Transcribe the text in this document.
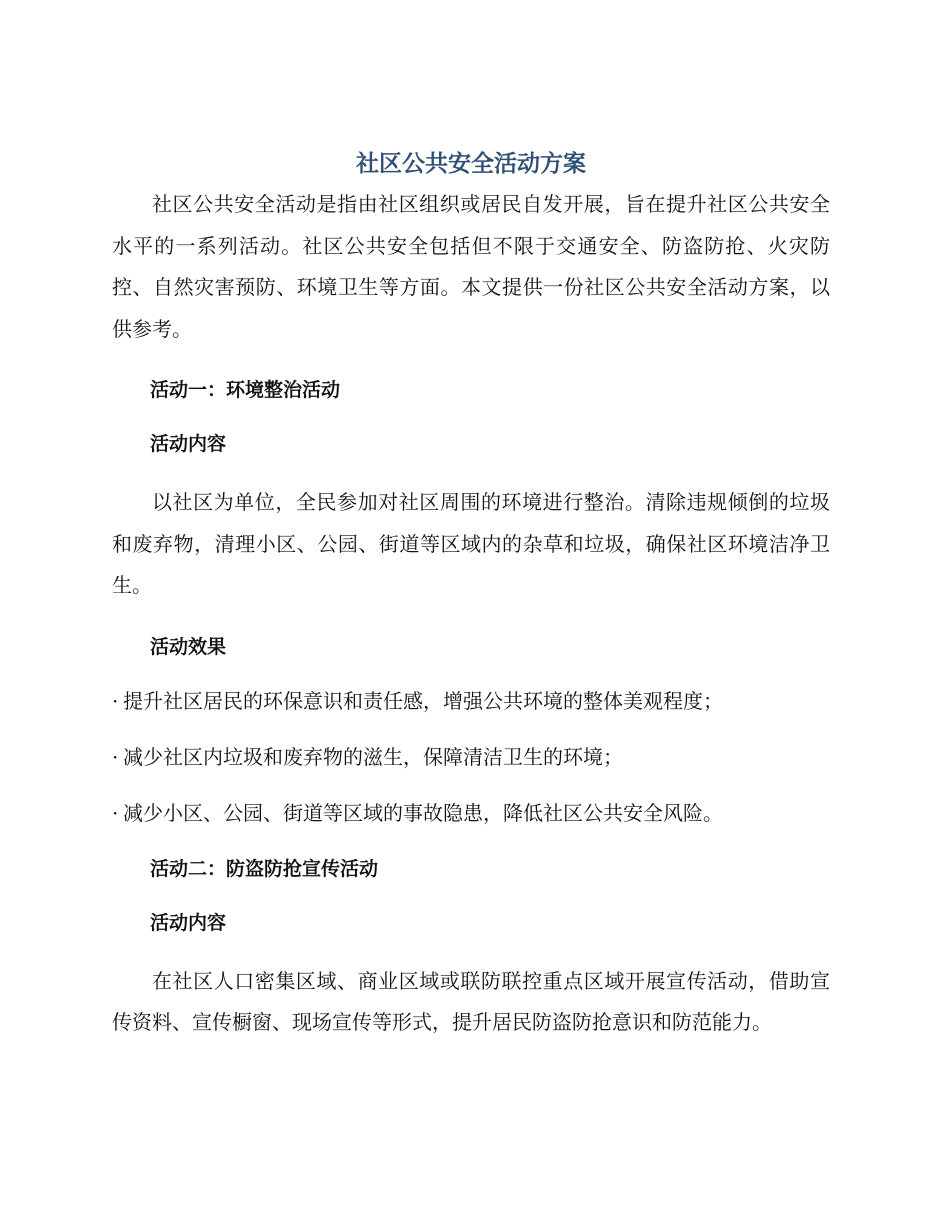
社区公共安全活动方案

社区公共安全活动是指由社区组织或居民自发开展，旨在提升社区公共安全水平的一系列活动。社区公共安全包括但不限于交通安全、防盗防抢、火灾防控、自然灾害预防、环境卫生等方面。本文提供一份社区公共安全活动方案，以供参考。

活动一：环境整治活动
活动内容

以社区为单位，全民参加对社区周围的环境进行整治。清除违规倾倒的垃圾和废弃物，清理小区、公园、街道等区域内的杂草和垃圾，确保社区环境洁净卫生。

活动效果

· 提升社区居民的环保意识和责任感，增强公共环境的整体美观程度；

· 减少社区内垃圾和废弃物的滋生，保障清洁卫生的环境；

· 减少小区、公园、街道等区域的事故隐患，降低社区公共安全风险。

活动二：防盗防抢宣传活动
活动内容

在社区人口密集区域、商业区域或联防联控重点区域开展宣传活动，借助宣传资料、宣传橱窗、现场宣传等形式，提升居民防盗防抢意识和防范能力。
